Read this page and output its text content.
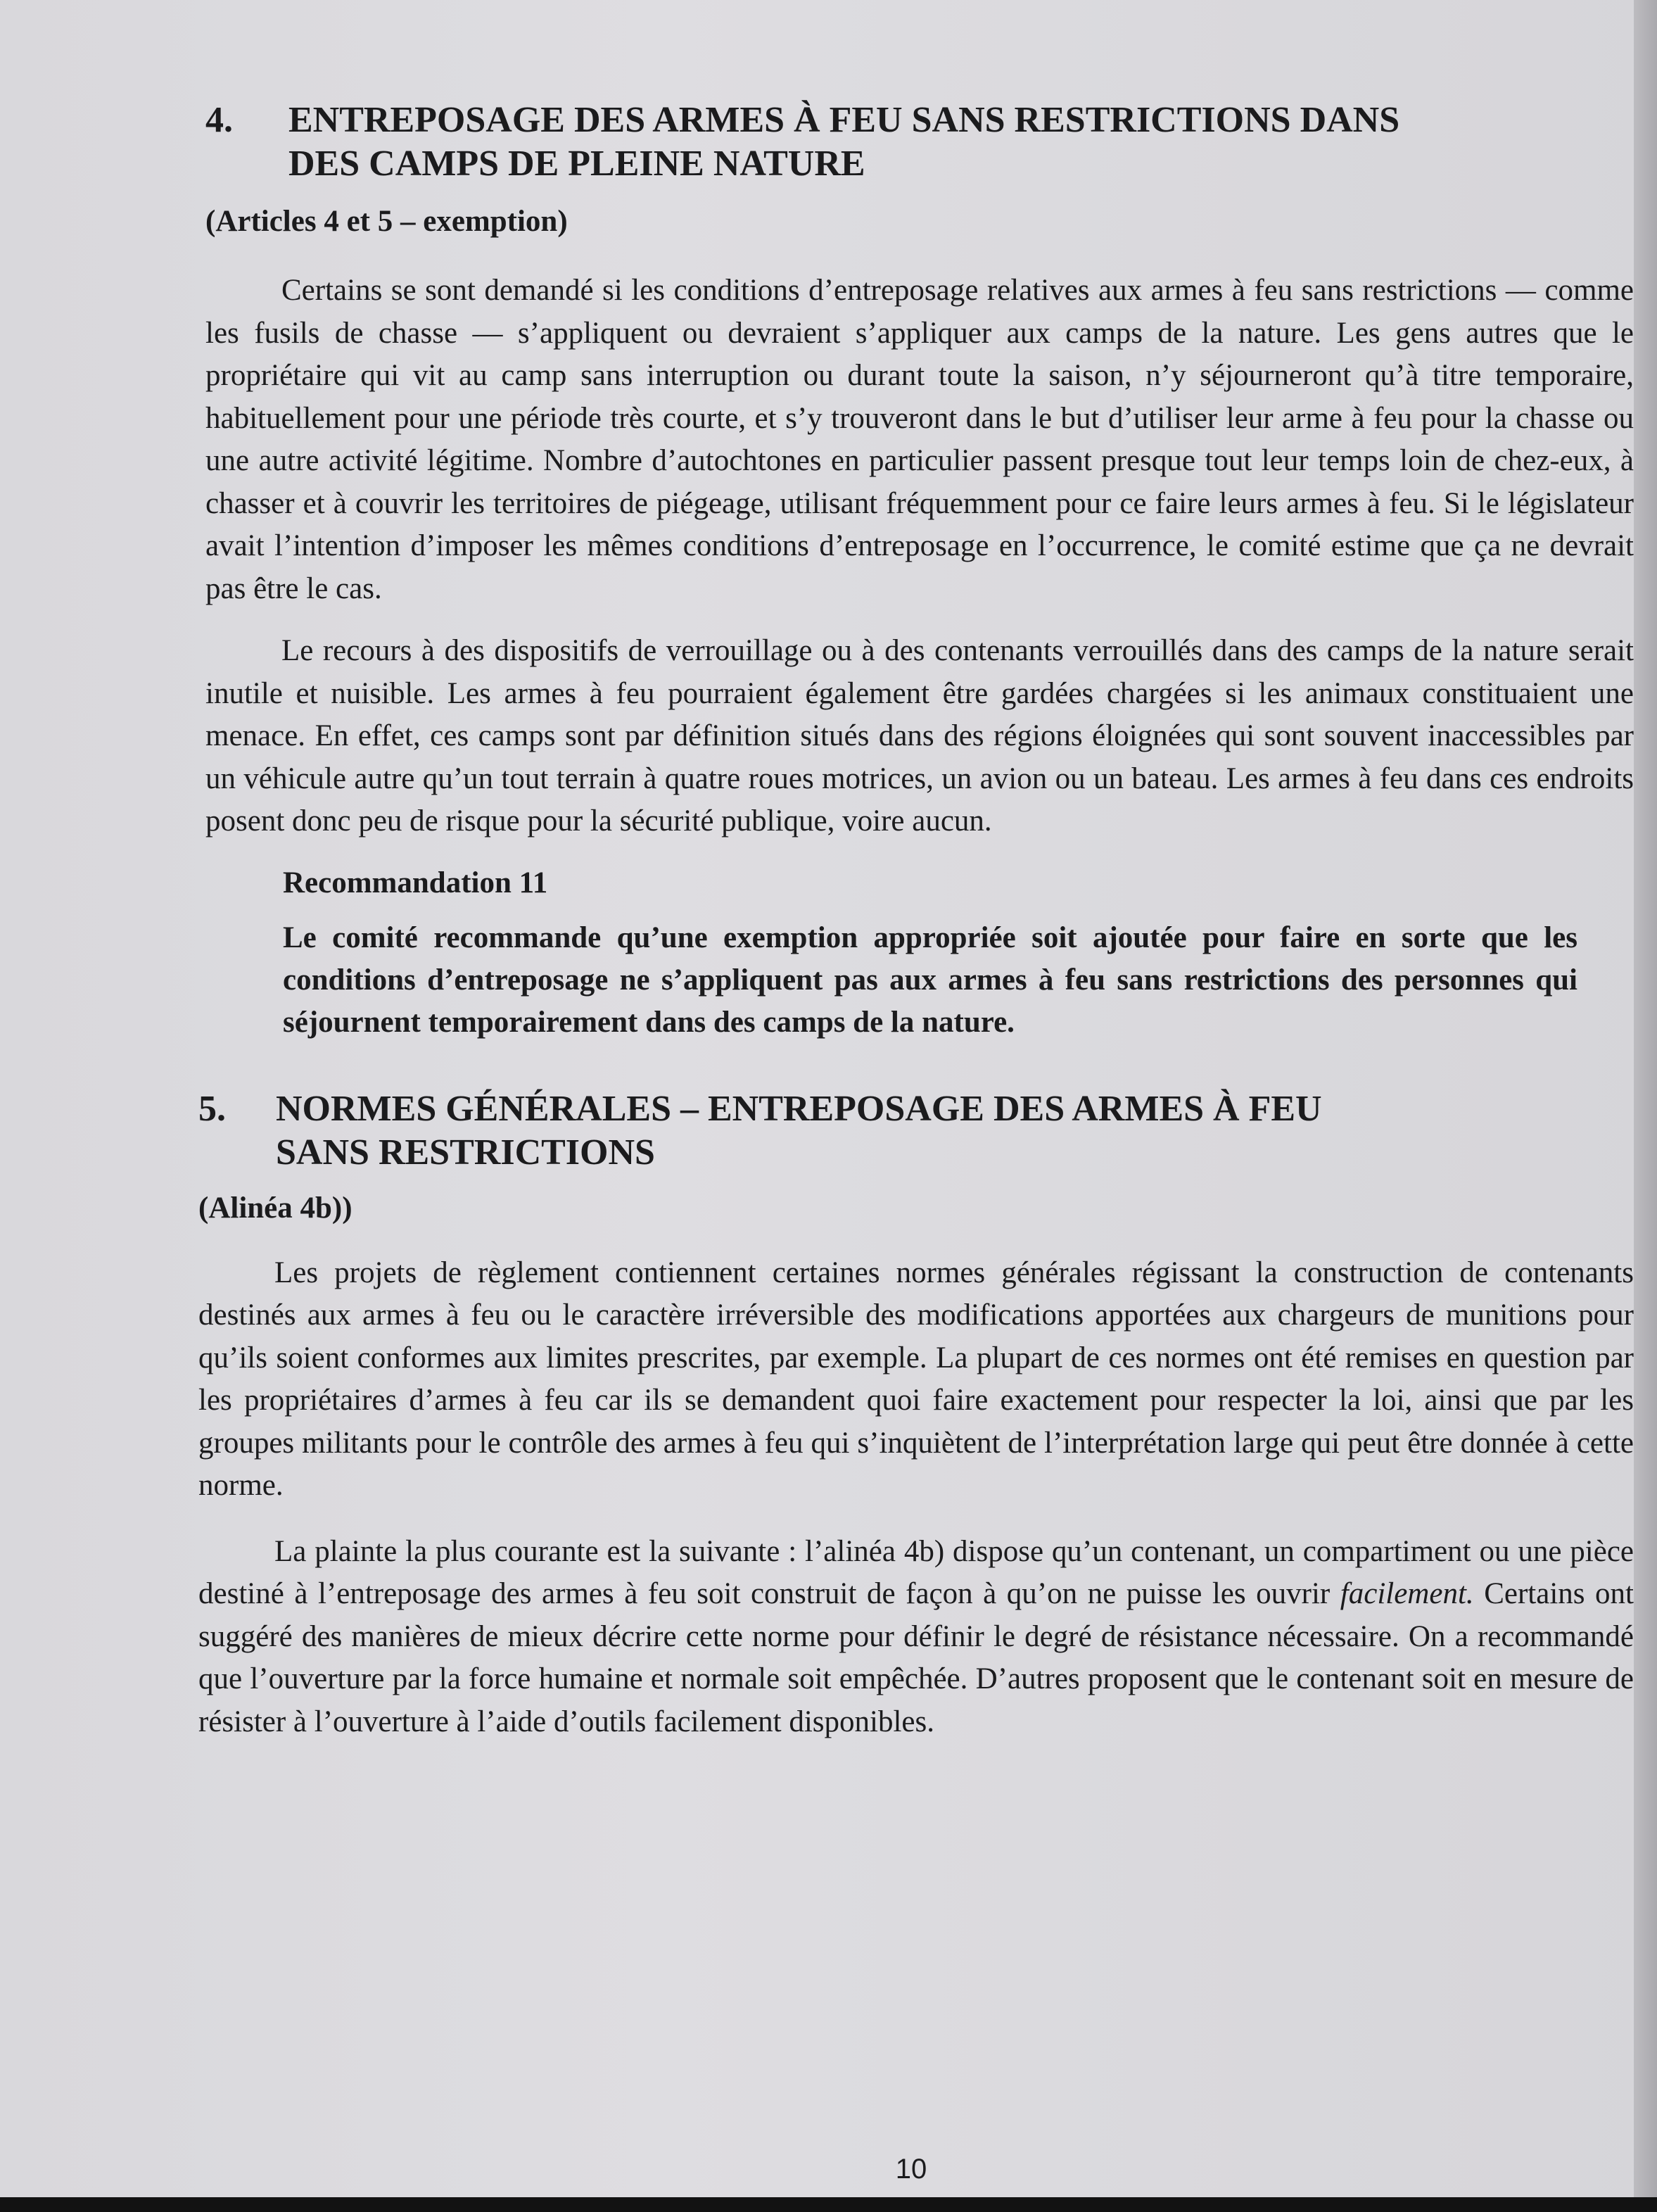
4. ENTREPOSAGE DES ARMES À FEU SANS RESTRICTIONS DANS
DES CAMPS DE PLEINE NATURE
(Articles 4 et 5 – exemption)

Certains se sont demandé si les conditions d’entreposage relatives aux armes à feu sans restrictions — comme les fusils de chasse — s’appliquent ou devraient s’appliquer aux camps de la nature. Les gens autres que le propriétaire qui vit au camp sans interruption ou durant toute la saison, n’y séjourneront qu’à titre temporaire, habituellement pour une période très courte, et s’y trouveront dans le but d’utiliser leur arme à feu pour la chasse ou une autre activité légitime. Nombre d’autochtones en particulier passent presque tout leur temps loin de chez-eux, à chasser et à couvrir les territoires de piégeage, utilisant fréquemment pour ce faire leurs armes à feu. Si le législateur avait l’intention d’imposer les mêmes conditions d’entreposage en l’occurrence, le comité estime que ça ne devrait pas être le cas.

Le recours à des dispositifs de verrouillage ou à des contenants verrouillés dans des camps de la nature serait inutile et nuisible. Les armes à feu pourraient également être gardées chargées si les animaux constituaient une menace. En effet, ces camps sont par définition situés dans des régions éloignées qui sont souvent inaccessibles par un véhicule autre qu’un tout terrain à quatre roues motrices, un avion ou un bateau. Les armes à feu dans ces endroits posent donc peu de risque pour la sécurité publique, voire aucun.

Recommandation 11

Le comité recommande qu’une exemption appropriée soit ajoutée pour faire en sorte que les conditions d’entreposage ne s’appliquent pas aux armes à feu sans restrictions des personnes qui séjournent temporairement dans des camps de la nature.

5. NORMES GÉNÉRALES – ENTREPOSAGE DES ARMES À FEU
SANS RESTRICTIONS
(Alinéa 4b))

Les projets de règlement contiennent certaines normes générales régissant la construction de contenants destinés aux armes à feu ou le caractère irréversible des modifications apportées aux chargeurs de munitions pour qu’ils soient conformes aux limites prescrites, par exemple. La plupart de ces normes ont été remises en question par les propriétaires d’armes à feu car ils se demandent quoi faire exactement pour respecter la loi, ainsi que par les groupes militants pour le contrôle des armes à feu qui s’inquiètent de l’interprétation large qui peut être donnée à cette norme.

La plainte la plus courante est la suivante : l’alinéa 4b) dispose qu’un contenant, un compartiment ou une pièce destiné à l’entreposage des armes à feu soit construit de façon à qu’on ne puisse les ouvrir facilement. Certains ont suggéré des manières de mieux décrire cette norme pour définir le degré de résistance nécessaire. On a recommandé que l’ouverture par la force humaine et normale soit empêchée. D’autres proposent que le contenant soit en mesure de résister à l’ouverture à l’aide d’outils facilement disponibles.

10
